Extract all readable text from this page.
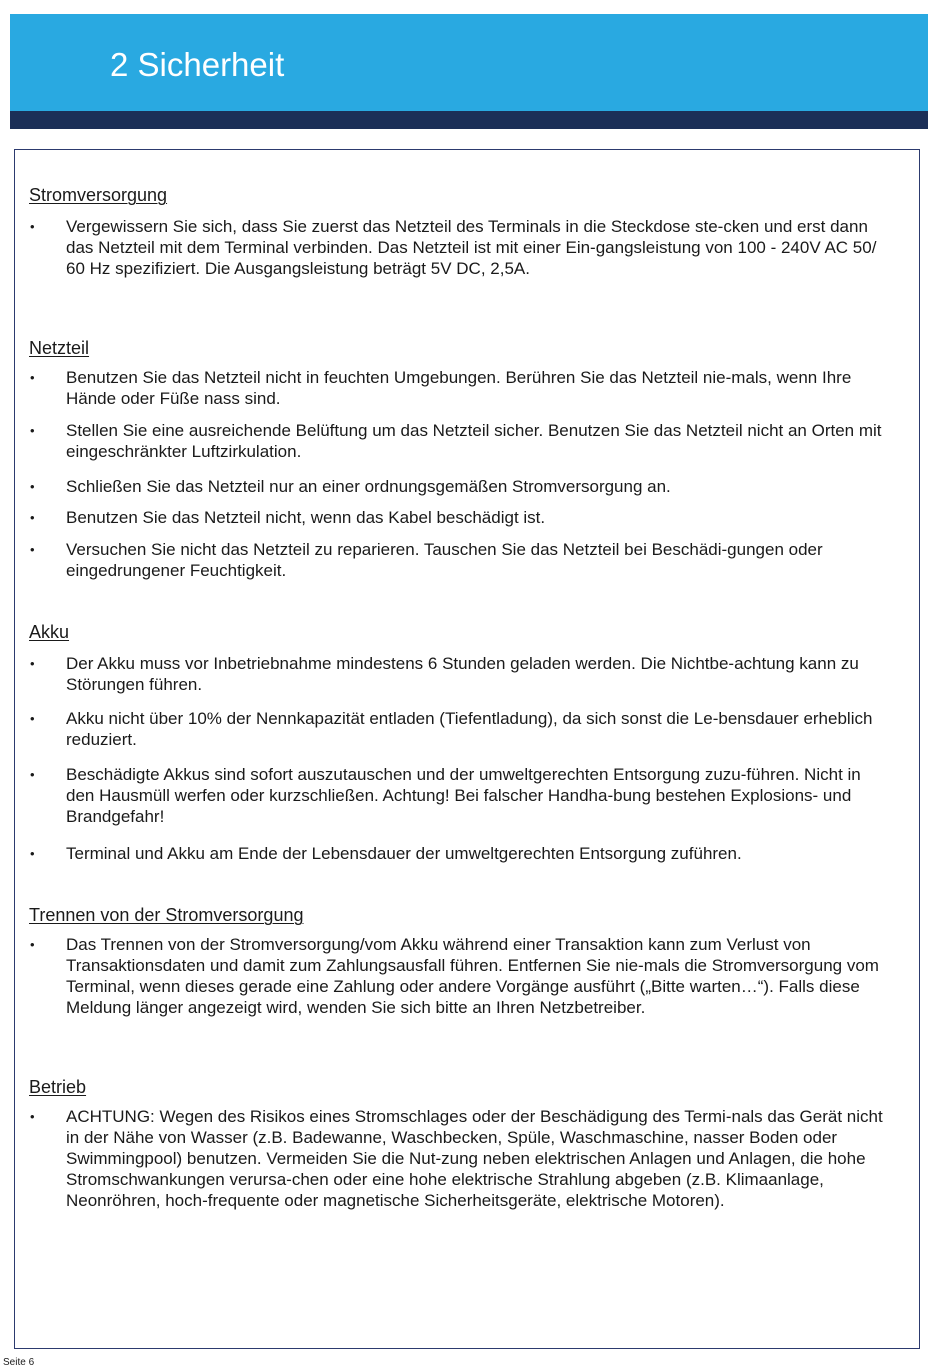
2 Sicherheit
Stromversorgung
• Vergewissern Sie sich, dass Sie zuerst das Netzteil des Terminals in die Steckdose ste-cken und erst dann das Netzteil mit dem Terminal verbinden. Das Netzteil ist mit einer Ein-gangsleistung von 100 - 240V AC 50/ 60 Hz spezifiziert. Die Ausgangsleistung beträgt 5V DC, 2,5A.
Netzteil
• Benutzen Sie das Netzteil nicht in feuchten Umgebungen. Berühren Sie das Netzteil nie-mals, wenn Ihre Hände oder Füße nass sind.
• Stellen Sie eine ausreichende Belüftung um das Netzteil sicher. Benutzen Sie das Netzteil nicht an Orten mit eingeschränkter Luftzirkulation.
• Schließen Sie das Netzteil nur an einer ordnungsgemäßen Stromversorgung an.
• Benutzen Sie das Netzteil nicht, wenn das Kabel beschädigt ist.
• Versuchen Sie nicht das Netzteil zu reparieren. Tauschen Sie das Netzteil bei Beschädi-gungen oder eingedrungener Feuchtigkeit.
Akku
• Der Akku muss vor Inbetriebnahme mindestens 6 Stunden geladen werden. Die Nichtbe-achtung kann zu Störungen führen.
• Akku nicht über 10% der Nennkapazität entladen (Tiefentladung), da sich sonst die Le-bensdauer erheblich reduziert.
• Beschädigte Akkus sind sofort auszutauschen und der umweltgerechten Entsorgung zuzu-führen. Nicht in den Hausmüll werfen oder kurzschließen. Achtung! Bei falscher Handha-bung bestehen Explosions- und Brandgefahr!
• Terminal und Akku am Ende der Lebensdauer der umweltgerechten Entsorgung zuführen.
Trennen von der Stromversorgung
• Das Trennen von der Stromversorgung/vom Akku während einer Transaktion kann zum Verlust von Transaktionsdaten und damit zum Zahlungsausfall führen. Entfernen Sie nie-mals die Stromversorgung vom Terminal, wenn dieses gerade eine Zahlung oder andere Vorgänge ausführt („Bitte warten…“). Falls diese Meldung länger angezeigt wird, wenden Sie sich bitte an Ihren Netzbetreiber.
Betrieb
• ACHTUNG: Wegen des Risikos eines Stromschlages oder der Beschädigung des Termi-nals das Gerät nicht in der Nähe von Wasser (z.B. Badewanne, Waschbecken, Spüle, Waschmaschine, nasser Boden oder Swimmingpool) benutzen. Vermeiden Sie die Nut-zung neben elektrischen Anlagen und Anlagen, die hohe Stromschwankungen verursa-chen oder eine hohe elektrische Strahlung abgeben (z.B. Klimaanlage, Neonröhren, hoch-frequente oder magnetische Sicherheitsgeräte, elektrische Motoren).
Seite 6
